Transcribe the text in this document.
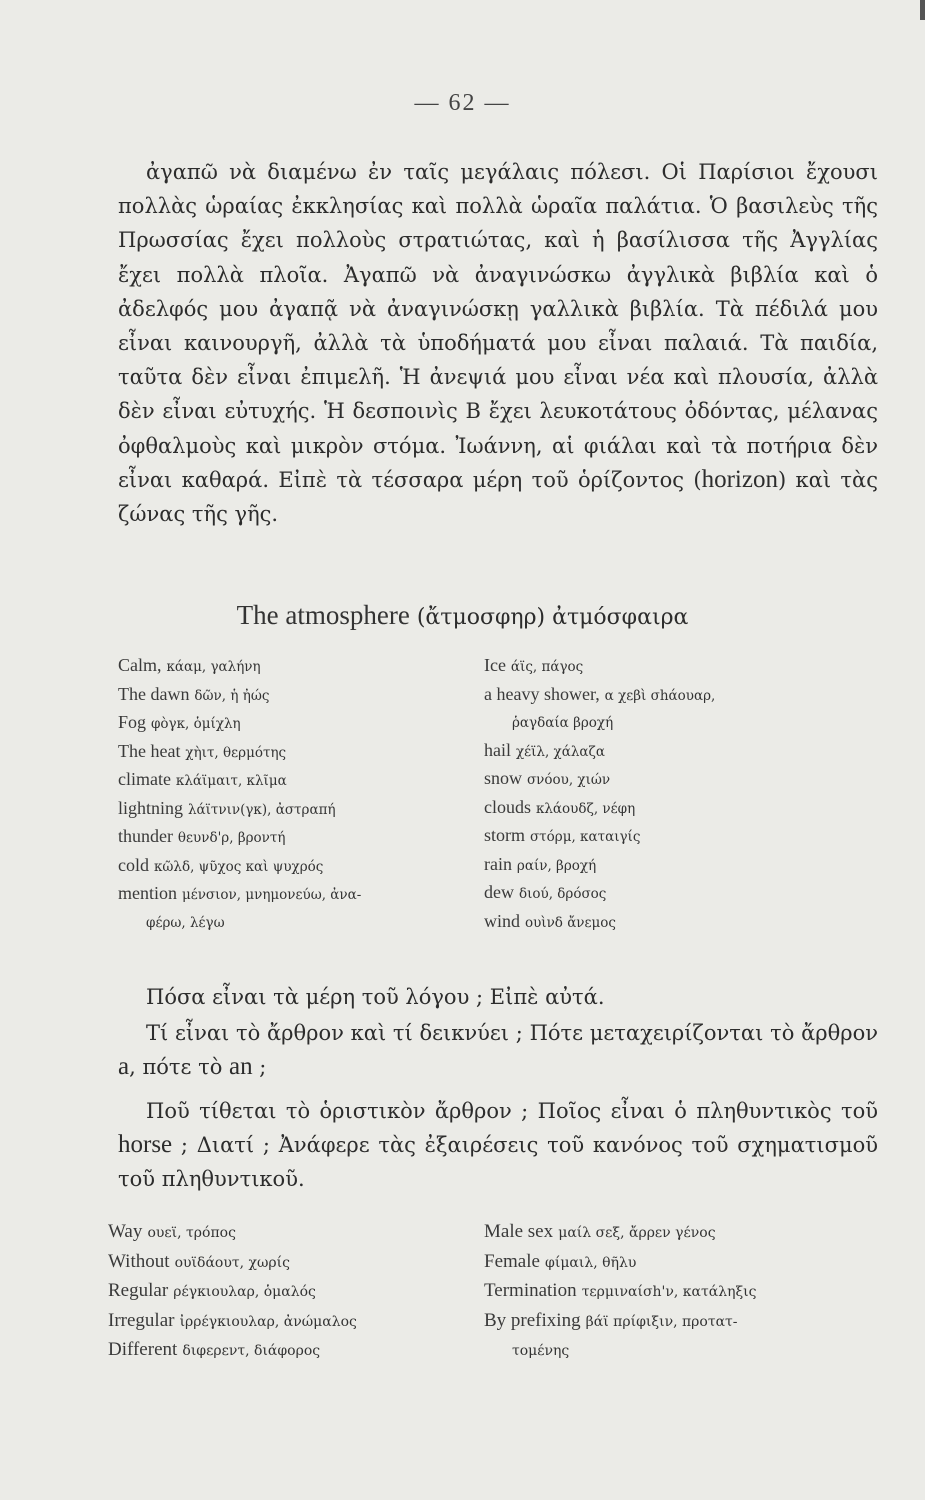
— 62 —

ἀγαπῶ νὰ διαμένω ἐν ταῖς μεγάλαις πόλεσι. Οἱ Παρίσιοι ἔχουσι πολλὰς ὡραίας ἐκκλησίας καὶ πολλὰ ὡραῖα παλάτια. Ὁ βασιλεὺς τῆς Πρωσσίας ἔχει πολλοὺς στρατιώτας, καὶ ἡ βασίλισσα τῆς Ἀγγλίας ἔχει πολλὰ πλοῖα. Ἀγαπῶ νὰ ἀναγινώσκω ἀγγλικὰ βιβλία καὶ ὁ ἀδελφός μου ἀγαπᾷ νὰ ἀναγινώσκῃ γαλλικὰ βιβλία. Τὰ πέδιλά μου εἶναι καινουργῆ, ἀλλὰ τὰ ὑποδήματά μου εἶναι παλαιά. Τὰ παιδία, ταῦτα δὲν εἶναι ἐπιμελῆ. Ἡ ἀνεψιά μου εἶναι νέα καὶ πλουσία, ἀλλὰ δὲν εἶναι εὐτυχής. Ἡ δεσποινὶς Β ἔχει λευκοτάτους ὀδόντας, μέλανας ὀφθαλμοὺς καὶ μικρὸν στόμα. Ἰωάννη, αἱ φιάλαι καὶ τὰ ποτήρια δὲν εἶναι καθαρά. Εἰπὲ τὰ τέσσαρα μέρη τοῦ ὁρίζοντος (horizon) καὶ τὰς ζώνας τῆς γῆς.

The atmosphere (ἄτμοσφηρ) ἀτμόσφαιρα
Calm, κάαμ, γαλήνη
The dawn δῶν, ἡ ἠώς
Fog φὸγκ, ὁμίχλη
The heat χὴιτ, θερμότης
climate κλάϊμαιτ, κλῖμα
lightning λάϊτνιν(γκ), ἀστραπή
thunder θευνδ'ρ, βροντή
cold κῶλδ, ψῦχος καὶ ψυχρός
mention μένσιον, μνημονεύω, ἀνα-
φέρω, λέγω
Ice άϊς, πάγος
a heavy shower, α χεβὶ σhάουαρ,
ῥαγδαία βροχή
hail χέϊλ, χάλαζα
snow σνόου, χιών
clouds κλάουδζ, νέφη
storm στόρμ, καταιγίς
rain ραίν, βροχή
dew διού, δρόσος
wind ουὶνδ ἄνεμος

Πόσα εἶναι τὰ μέρη τοῦ λόγου ; Εἰπὲ αὐτά.

Τί εἶναι τὸ ἄρθρον καὶ τί δεικνύει ; Πότε μεταχειρίζονται τὸ ἄρθρον a, πότε τὸ an ;

Ποῦ τίθεται τὸ ὁριστικὸν ἄρθρον ; Ποῖος εἶναι ὁ πληθυντικὸς τοῦ horse ; Διατί ; Ἀνάφερε τὰς ἐξαιρέσεις τοῦ κανόνος τοῦ σχηματισμοῦ τοῦ πληθυντικοῦ.

Way ουεϊ, τρόπος
Without ουϊδάουτ, χωρίς
Regular ρέγκιουλαρ, ὁμαλός
Irregular ἰρρέγκιουλαρ, ἀνώμαλος
Different διφερεντ, διάφορος
Male sex μαίλ σεξ, ἄρρεν γένος
Female φίμαιλ, θῆλυ
Termination τερμιναίσh'ν, κατάληξις
By prefixing βάϊ πρίφιξιν, προτατ-
τομένης
